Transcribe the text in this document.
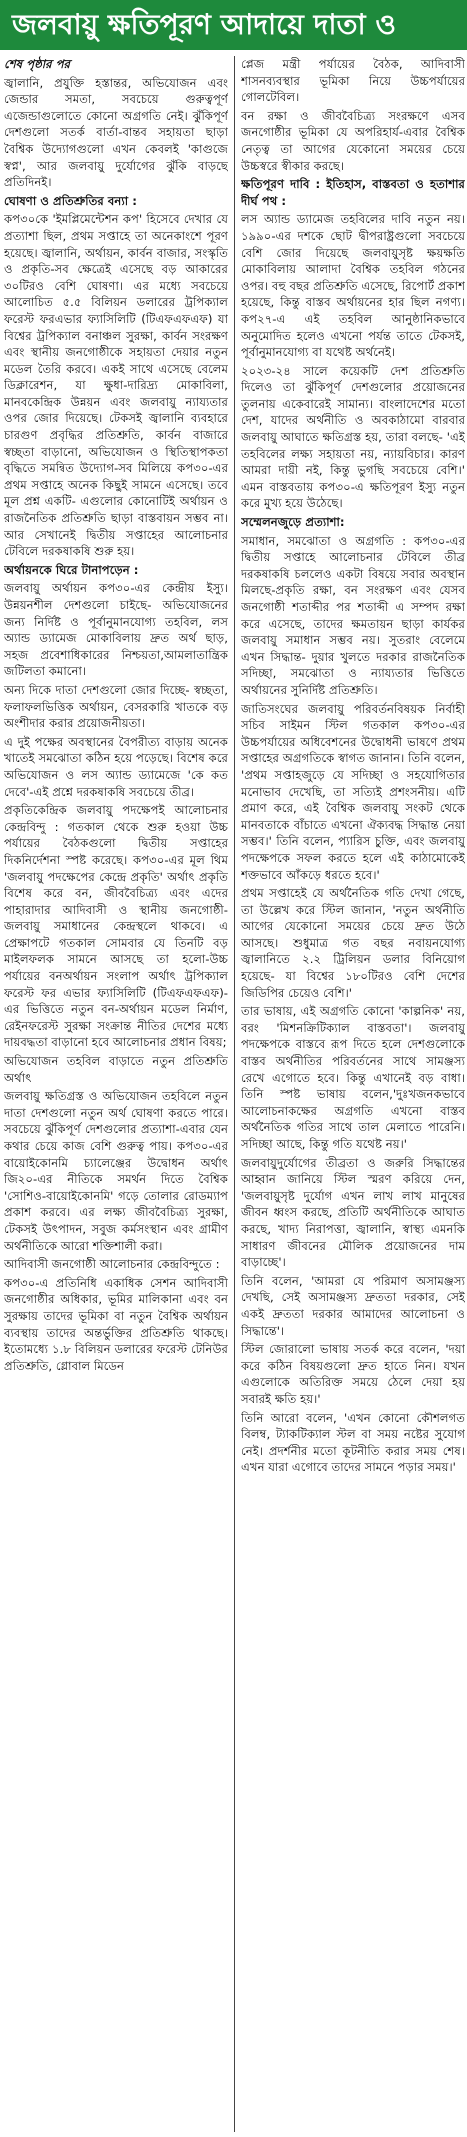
জলবায়ু ক্ষতিপূরণ আদায়ে দাতা ও

শেষ পৃষ্ঠার পর

জ্বালানি, প্রযুক্তি হস্তান্তর, অভিযোজন এবং জেন্ডার সমতা, সবচেয়ে গুরুত্বপূর্ণ এজেন্ডাগুলোতে কোনো অগ্রগতি নেই। ঝুঁকিপূর্ণ দেশগুলো সতর্ক বার্তা-বান্তব সহায়তা ছাড়া বৈশ্বিক উদ্যোগগুলো এখন কেবলই 'কাগুজে স্বপ্ন', আর জলবায়ু দুর্যোগের ঝুঁকি বাড়ছে প্রতিদিনই।

ঘোষণা ও প্রতিশ্রুতির বন্যা :

কপ৩০কে 'ইমপ্লিমেন্টেশন কপ' হিসেবে দেখার যে প্রত্যাশা ছিল, প্রথম সপ্তাহে তা অনেকাংশে পূরণ হয়েছে। জ্বালানি, অর্থায়ন, কার্বন বাজার, সংস্কৃতি ও প্রকৃতি-সব ক্ষেত্রেই এসেছে বড় আকারের ৩০টিরও বেশি ঘোষণা। এর মধ্যে সবচেয়ে আলোচিত ৫.৫ বিলিয়ন ডলারের ট্রপিক্যাল ফরেস্ট ফরএভার ফ্যাসিলিটি (টিএফএফএফ) যা বিশ্বের ট্রপিক্যাল বনাঞ্চল সুরক্ষা, কার্বন সংরক্ষণ এবং স্থানীয় জনগোষ্ঠীকে সহায়তা দেয়ার নতুন মডেল তৈরি করবে। একই সাথে এসেছে বেলেম ডিক্লারেশন, যা ক্ষুধা-দারিদ্র্য মোকাবিলা, মানবকেন্দ্রিক উন্নয়ন এবং জলবায়ু ন্যায্যতার ওপর জোর দিয়েছে। টেকসই জ্বালানি ব্যবহারে চারগুণ প্রবৃদ্ধির প্রতিশ্রুতি, কার্বন বাজারে স্বচ্ছতা বাড়ানো, অভিযোজন ও স্থিতিস্থাপকতা বৃদ্ধিতে সমন্বিত উদ্যোগ-সব মিলিয়ে কপ৩০-এর প্রথম সপ্তাহে অনেক কিছুই সামনে এসেছে। তবে মূল প্রশ্ন একটি- এগুলোর কোনোটিই অর্থায়ন ও রাজনৈতিক প্রতিশ্রুতি ছাড়া বাস্তবায়ন সম্ভব না। আর সেখানেই দ্বিতীয় সপ্তাহের আলোচনার টেবিলে দরকষাকষি শুরু হয়।

অর্থায়নকে ঘিরে টানাপড়েন :

জলবায়ু অর্থায়ন কপ৩০-এর কেন্দ্রীয় ইস্যু। উন্নয়নশীল দেশগুলো চাইছে- অভিযোজনের জন্য নির্দিষ্ট ও পূর্বানুমানযোগ্য তহবিল, লস অ্যান্ড ড্যামেজ মোকাবিলায় দ্রুত অর্থ ছাড়, সহজ প্রবেশাধিকারের নিশ্চয়তা,আমলাতান্ত্রিক জটিলতা কমানো।

অন্য দিকে দাতা দেশগুলো জোর দিচ্ছে- স্বচ্ছতা, ফলাফলভিত্তিক অর্থায়ন, বেসরকারি খাতকে বড় অংশীদার করার প্রয়োজনীয়তা।

এ দুই পক্ষের অবস্থানের বৈপরীত্য বাড়ায় অনেক খাতেই সমঝোতা কঠিন হয়ে পড়েছে। বিশেষ করে অভিযোজন ও লস অ্যান্ড ড্যামেজে 'কে কত দেবে'-এই প্রশ্নে দরকষাকষি সবচেয়ে তীব্র।

প্রকৃতিকেন্দ্রিক জলবায়ু পদক্ষেপই আলোচনার কেন্দ্রবিন্দু : গতকাল থেকে শুরু হওয়া উচ্চ পর্যায়ের বৈঠকগুলো দ্বিতীয় সপ্তাহের দিকনির্দেশনা স্পষ্ট করেছে। কপ৩০-এর মূল থিম 'জলবায়ু পদক্ষেপের কেন্দ্রে প্রকৃতি' অর্থাৎ প্রকৃতি বিশেষ করে বন, জীববৈচিত্র্য এবং এদের পাহারাদার আদিবাসী ও স্থানীয় জনগোষ্ঠী-জলবায়ু সমাধানের কেন্দ্রস্থলে থাকবে। এ প্রেক্ষাপটে গতকাল সোমবার যে তিনটি বড় মাইলফলক সামনে আসছে তা হলো-উচ্চ পর্যায়ের বনঅর্থায়ন সংলাপ অর্থাৎ ট্রপিক্যাল ফরেস্ট ফর এভার ফ্যাসিলিটি (টিএফএফএফ)-এর ভিত্তিতে নতুন বন-অর্থায়ন মডেল নির্মাণ, রেইনফরেস্ট সুরক্ষা সংক্রান্ত নীতির দেশের মধ্যে দায়বদ্ধতা বাড়ানো হবে আলোচনার প্রধান বিষয়;

অভিযোজন তহবিল বাড়াতে নতুন প্রতিশ্রুতি অর্থাৎ

জলবায়ু ক্ষতিগ্রস্ত ও অভিযোজন তহবিলে নতুন দাতা দেশগুলো নতুন অর্থ ঘোষণা করতে পারে। সবচেয়ে ঝুঁকিপূর্ণ দেশগুলোর প্রত্যাশা-এবার যেন কথার চেয়ে কাজ বেশি গুরুত্ব পায়। কপ৩০-এর বায়োইকোনমি চ্যালেঞ্জের উদ্বোধন অর্থাৎ জি২০-এর নীতিকে সমর্থন দিতে বৈশ্বিক 'সোশিও-বায়োইকোনমি' গড়ে তোলার রোডম্যাপ প্রকাশ করবে। এর লক্ষ্য জীববৈচিত্র্য সুরক্ষা, টেকসই উৎপাদন, সবুজ কর্মসংস্থান এবং গ্রামীণ অর্থনীতিকে আরো শক্তিশালী করা।

আদিবাসী জনগোষ্ঠী আলোচনার কেন্দ্রবিন্দুতে :

কপ৩০-এ প্রতিনিধি একাধিক সেশন আদিবাসী জনগোষ্ঠীর অধিকার, ভূমির মালিকানা এবং বন সুরক্ষায় তাদের ভূমিকা বা নতুন বৈশ্বিক অর্থায়ন ব্যবস্থায় তাদের অন্তর্ভুক্তির প্রতিশ্রুতি থাকছে। ইতোমধ্যে ১.৮ বিলিয়ন ডলারের ফরেস্ট টেনিউর প্রতিশ্রুতি, গ্লোবাল মিডেন

প্লেজ মন্ত্রী পর্যায়ের বৈঠক, আদিবাসী শাসনব্যবস্থার ভূমিকা নিয়ে উচ্চপর্যায়ের গোলটেবিল।

বন রক্ষা ও জীববৈচিত্র্য সংরক্ষণে এসব জনগোষ্ঠীর ভূমিকা যে অপরিহার্য-এবার বৈশ্বিক নেতৃত্ব তা আগের যেকোনো সময়ের চেয়ে উচ্চস্বরে স্বীকার করছে।

ক্ষতিপূরণ দাবি : ইতিহাস, বাস্তবতা ও হতাশার দীর্ঘ পথ :

লস অ্যান্ড ড্যামেজ তহবিলের দাবি নতুন নয়। ১৯৯০-এর দশকে ছোট দ্বীপরাষ্ট্রগুলো সবচেয়ে বেশি জোর দিয়েছে জলবায়ুসৃষ্ট ক্ষয়ক্ষতি মোকাবিলায় আলাদা বৈশ্বিক তহবিল গঠনের ওপর। বহু বছর প্রতিশ্রুতি এসেছে, রিপোর্ট প্রকাশ হয়েছে, কিন্তু বাস্তব অর্থায়নের হার ছিল নগণ্য। কপ২৭-এ এই তহবিল আনুষ্ঠানিকভাবে অনুমোদিত হলেও এখনো পর্যন্ত তাতে টেকসই, পূর্বানুমানযোগ্য বা যথেষ্ট অর্থনেই।

২০২৩-২৪ সালে কয়েকটি দেশ প্রতিশ্রুতি দিলেও তা ঝুঁকিপূর্ণ দেশগুলোর প্রয়োজনের তুলনায় একেবারেই সামান্য। বাংলাদেশের মতো দেশ, যাদের অর্থনীতি ও অবকাঠামো বারবার জলবায়ু আঘাতে ক্ষতিগ্রস্ত হয়, তারা বলছে- 'এই তহবিলের লক্ষ্য সহায়তা নয়, ন্যায়বিচার। কারণ আমরা দায়ী নই, কিন্তু ভুগছি সবচেয়ে বেশি।' এমন বাস্তবতায় কপ৩০-এ ক্ষতিপূরণ ইস্যু নতুন করে মুখ্য হয়ে উঠেছে।

সম্মেলনজুড়ে প্রত্যাশা:

সমাধান, সমঝোতা ও অগ্রগতি : কপ৩০-এর দ্বিতীয় সপ্তাহে আলোচনার টেবিলে তীব্র দরকষাকষি চললেও একটা বিষয়ে সবার অবস্থান মিলছে-প্রকৃতি রক্ষা, বন সংরক্ষণ এবং যেসব জনগোষ্ঠী শতাব্দীর পর শতাব্দী এ সম্পদ রক্ষা করে এসেছে, তাদের ক্ষমতায়ন ছাড়া কার্যকর জলবায়ু সমাধান সম্ভব নয়। সুতরাং বেলেমে এখন সিদ্ধান্ত- দুয়ার খুলতে দরকার রাজনৈতিক সদিচ্ছা, সমঝোতা ও ন্যায্যতার ভিত্তিতে অর্থায়নের সুনির্দিষ্ট প্রতিশ্রুতি।

জাতিসংঘের জলবায়ু পরিবর্তনবিষয়ক নির্বাহী সচিব সাইমন স্টিল গতকাল কপ৩০-এর উচ্চপর্যায়ের অধিবেশনের উদ্বোধনী ভাষণে প্রথম সপ্তাহের অগ্রগতিকে স্বাগত জানান। তিনি বলেন, 'প্রথম সপ্তাহজুড়ে যে সদিচ্ছা ও সহযোগিতার মনোভাব দেখেছি, তা সত্যিই প্রশংসনীয়। এটি প্রমাণ করে, এই বৈশ্বিক জলবায়ু সংকট থেকে মানবতাকে বাঁচাতে এখনো ঐক্যবদ্ধ সিদ্ধান্ত নেয়া সম্ভব।' তিনি বলেন, প্যারিস চুক্তি, এবং জলবায়ু পদক্ষেপকে সফল করতে হলে এই কাঠামোকেই শক্তভাবে আঁকড়ে ধরতে হবে।'

প্রথম সপ্তাহেই যে অর্থনৈতিক গতি দেখা গেছে, তা উল্লেখ করে স্টিল জানান, 'নতুন অর্থনীতি আগের যেকোনো সময়ের চেয়ে দ্রুত উঠে আসছে। শুধুমাত্র গত বছর নবায়নযোগ্য জ্বালানিতে ২.২ ট্রিলিয়ন ডলার বিনিয়োগ হয়েছে- যা বিশ্বের ১৮০টিরও বেশি দেশের জিডিপির চেয়েও বেশি।'

তার ভাষায়, এই অগ্রগতি কোনো 'কাল্পনিক' নয়, বরং 'মিশনক্রিটিক্যাল বাস্তবতা'। জলবায়ু পদক্ষেপকে বাস্তবে রূপ দিতে হলে দেশগুলোকে বাস্তব অর্থনীতির পরিবর্তনের সাথে সামঞ্জস্য রেখে এগোতে হবে। কিন্তু এখানেই বড় বাধা। তিনি স্পষ্ট ভাষায় বলেন,'দুঃখজনকভাবে আলোচনাকক্ষের অগ্রগতি এখনো বাস্তব অর্থনৈতিক গতির সাথে তাল মেলাতে পারেনি। সদিচ্ছা আছে, কিন্তু গতি যথেষ্ট নয়।'

জলবায়ুদুর্যোগের তীব্রতা ও জরুরি সিদ্ধান্তের আহ্বান জানিয়ে স্টিল স্মরণ করিয়ে দেন, 'জলবায়ুসৃষ্ট দুর্যোগ এখন লাখ লাখ মানুষের জীবন ধ্বংস করছে, প্রতিটি অর্থনীতিকে আঘাত করছে, খাদ্য নিরাপত্তা, জ্বালানি, স্বাস্থ্য এমনকি সাধারণ জীবনের মৌলিক প্রয়োজনের দাম বাড়াচ্ছে'।

তিনি বলেন, 'আমরা যে পরিমাণ অসামঞ্জস্য দেখছি, সেই অসামঞ্জস্য দ্রুততা দরকার, সেই একই দ্রুততা দরকার আমাদের আলোচনা ও সিদ্ধান্তে'।

স্টিল জোরালো ভাষায় সতর্ক করে বলেন, 'দয়া করে কঠিন বিষয়গুলো দ্রুত হাতে নিন। যখন এগুলোকে অতিরিক্ত সময়ে ঠেলে দেয়া হয় সবারই ক্ষতি হয়।'

তিনি আরো বলেন, 'এখন কোনো কৌশলগত বিলম্ব, ট্যাকটিক্যাল স্টল বা সময় নষ্টের সুযোগ নেই। প্রদর্শনীর মতো কূটনীতি করার সময় শেষ। এখন যারা এগোবে তাদের সামনে পড়ার সময়।'
